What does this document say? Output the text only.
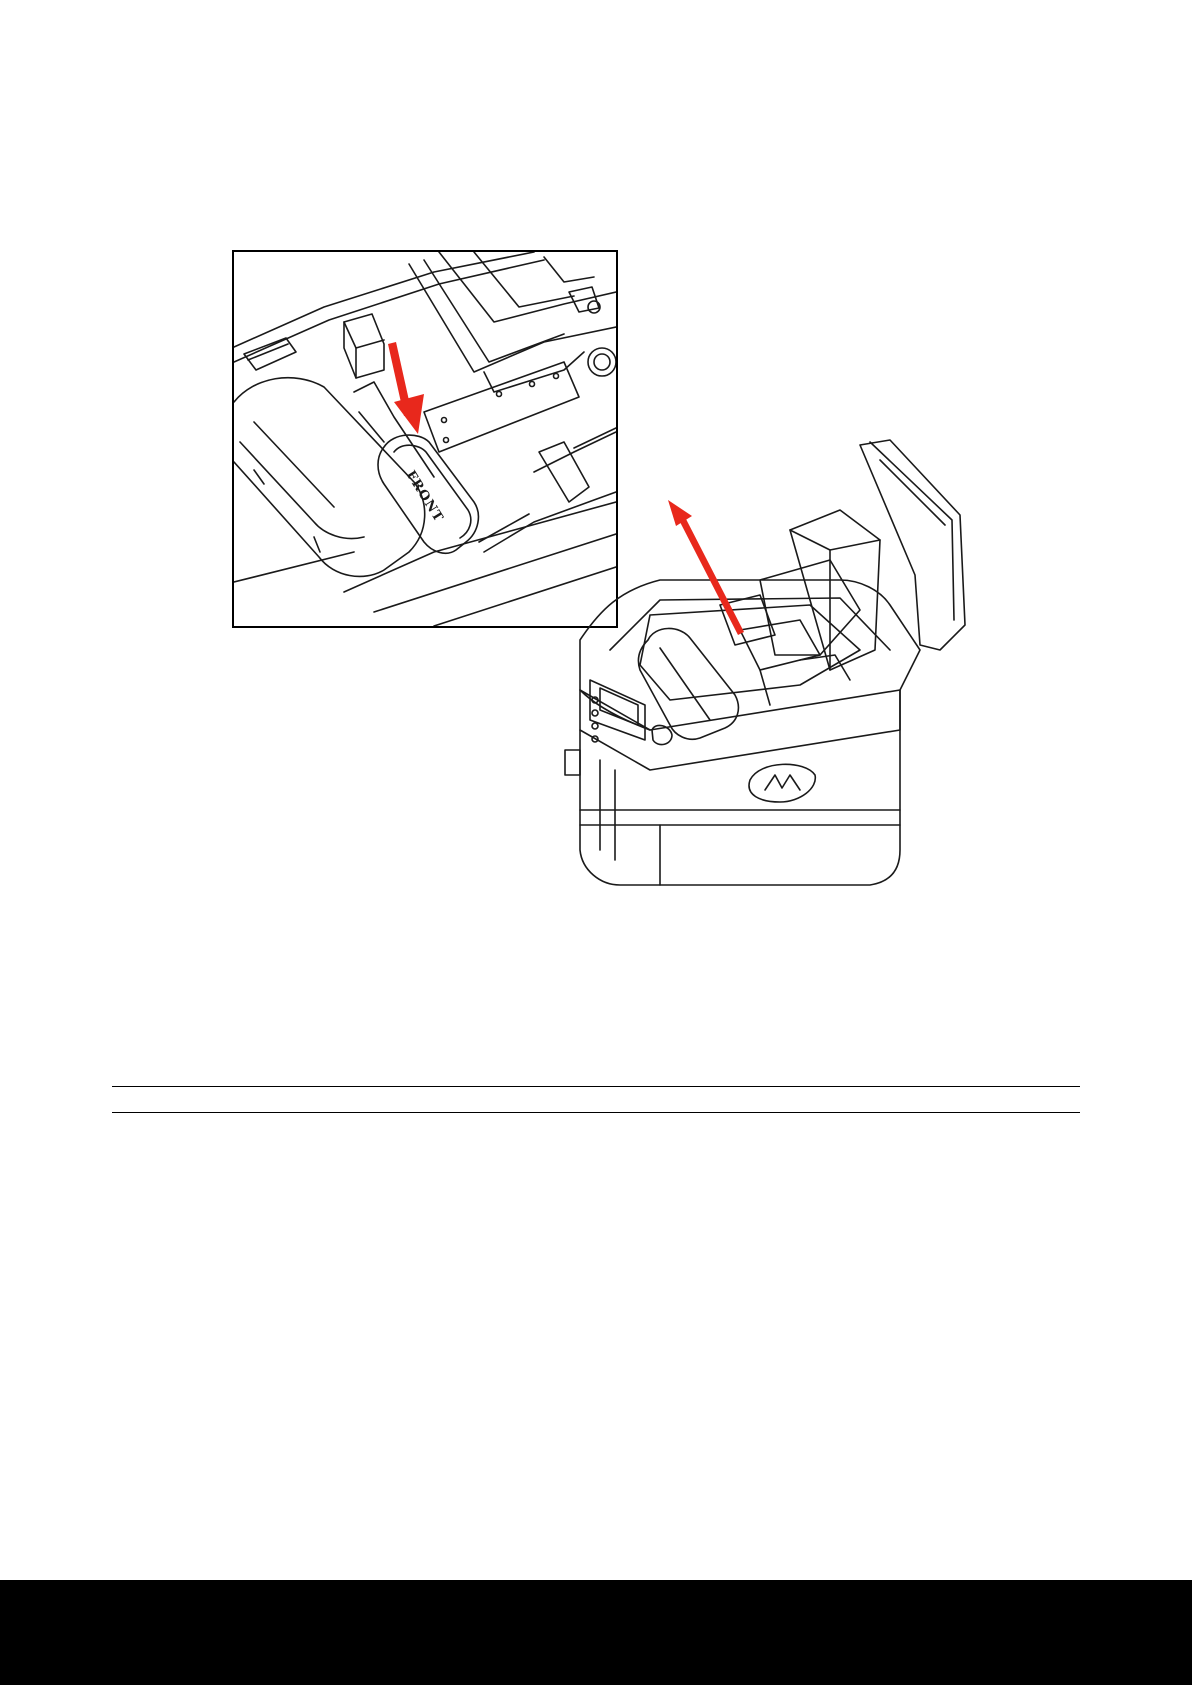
FRONT
